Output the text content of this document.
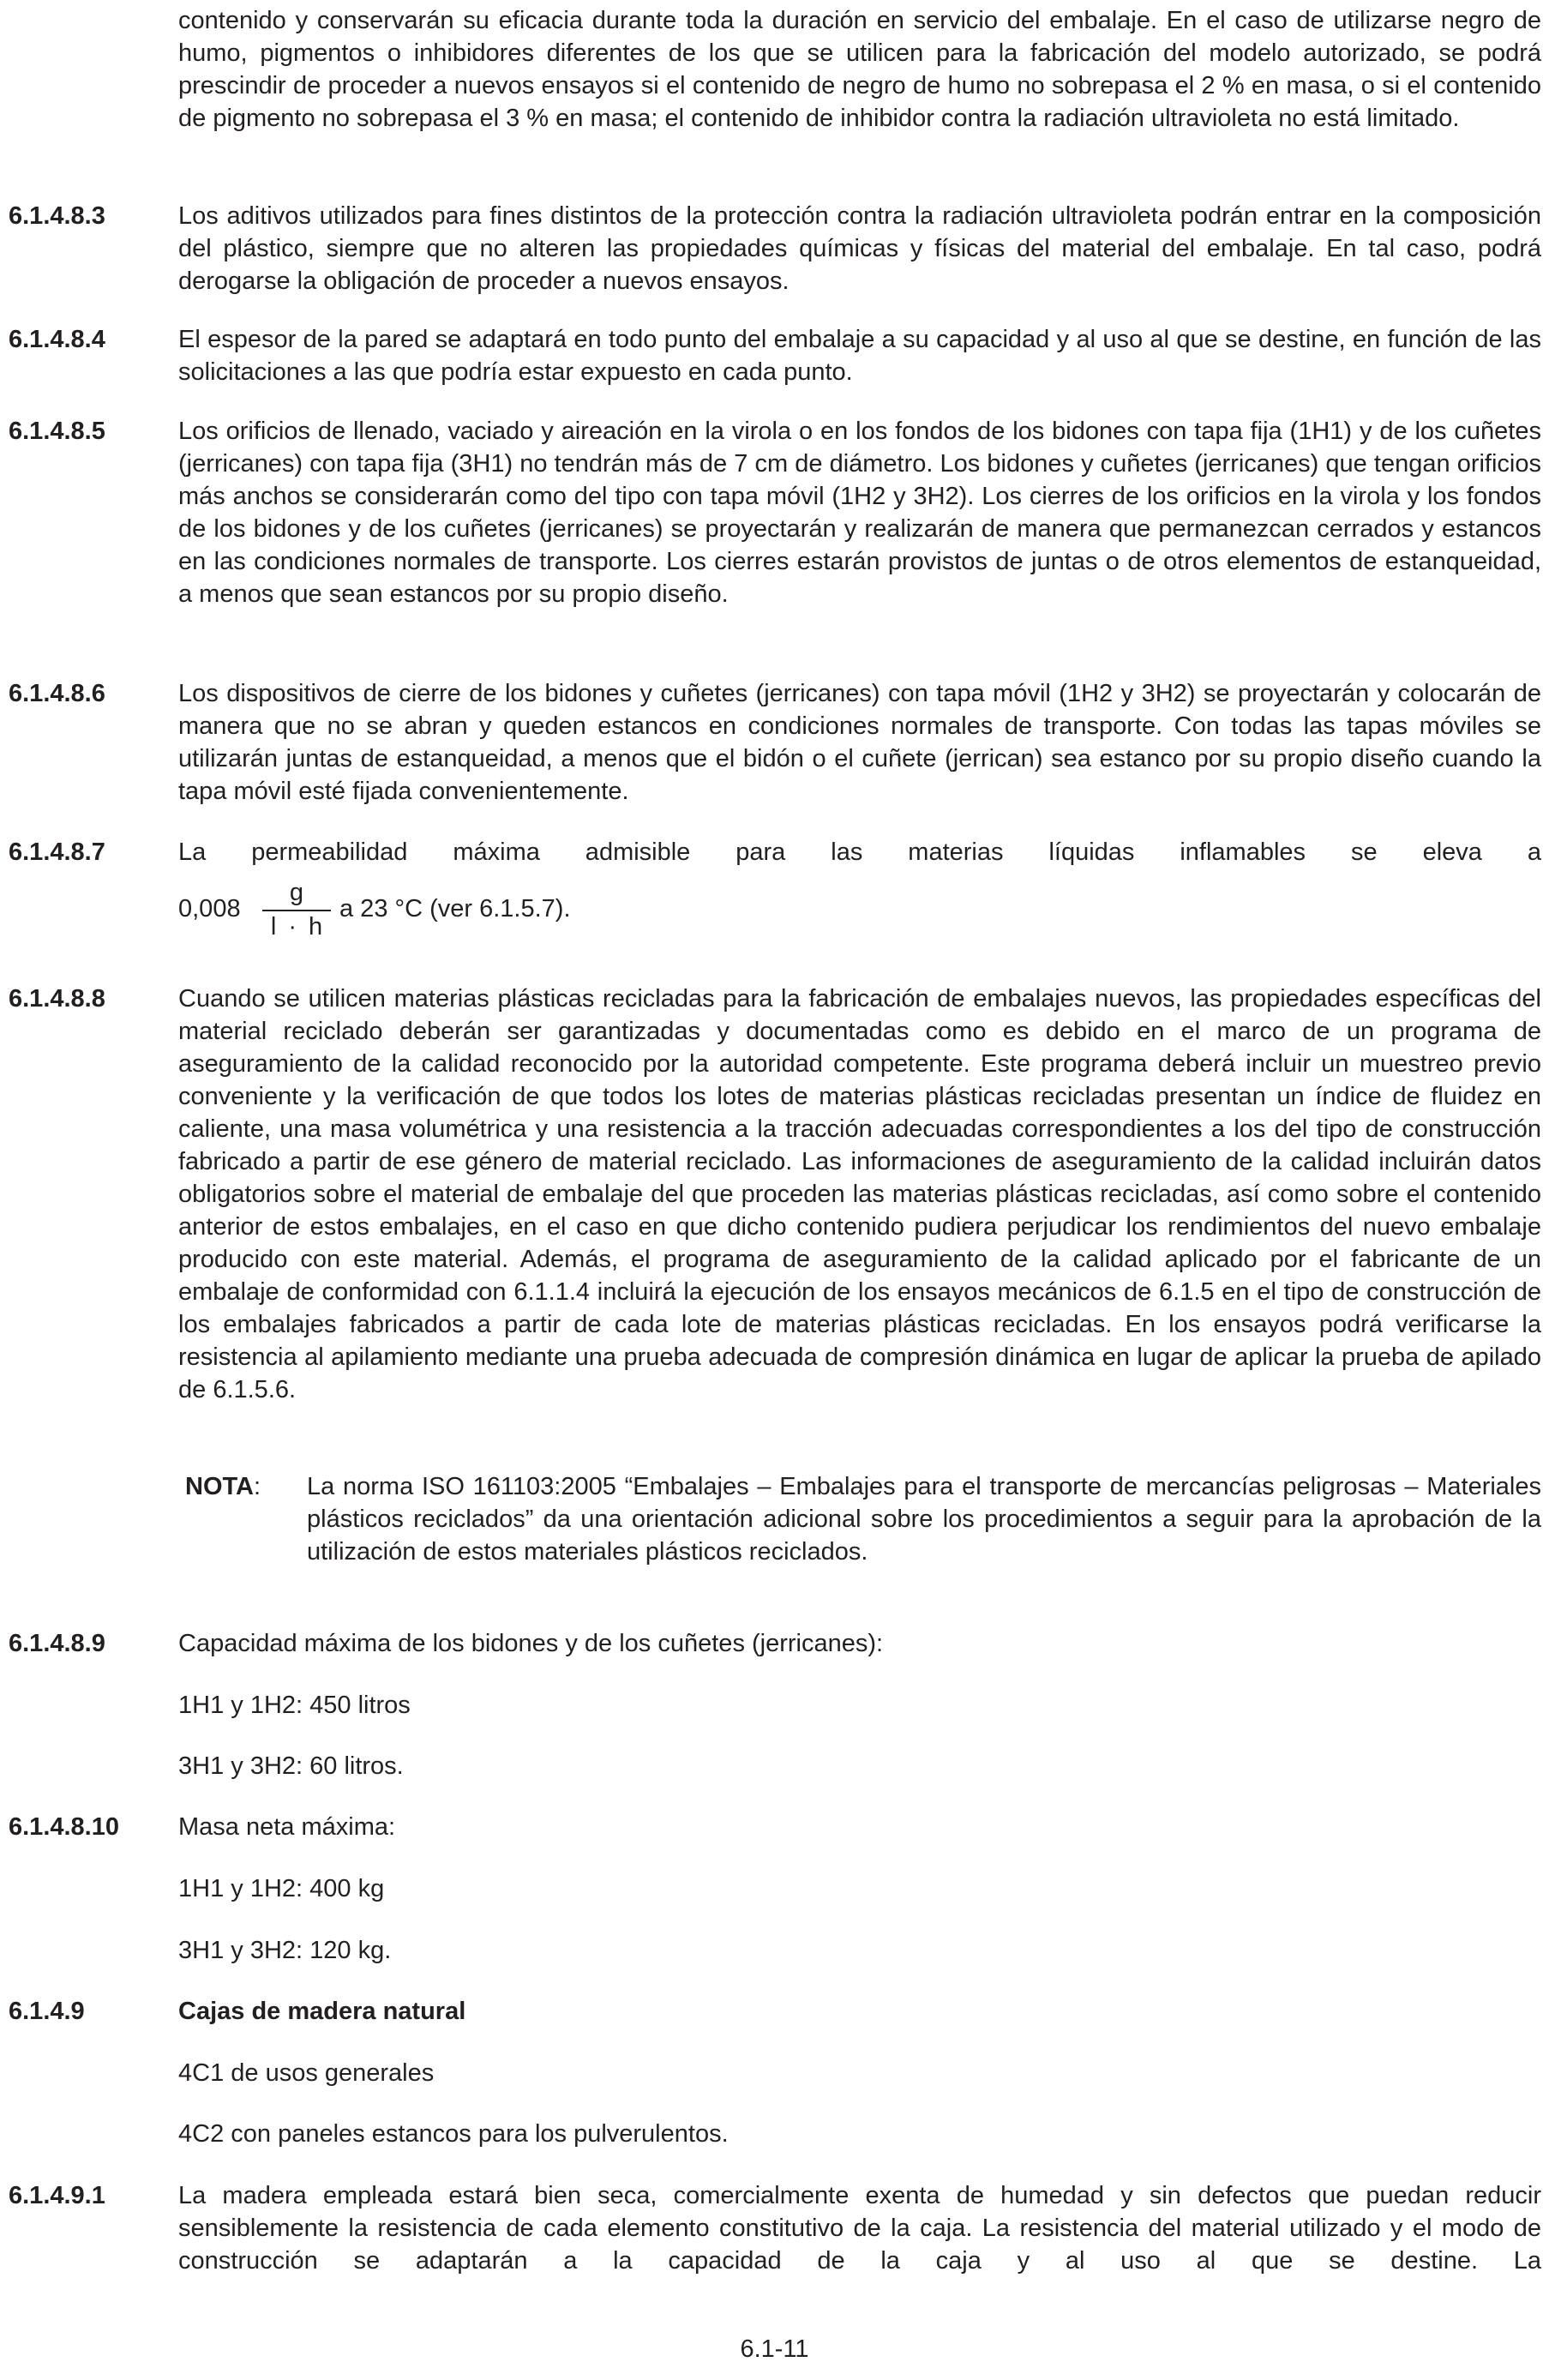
contenido y conservarán su eficacia durante toda la duración en servicio del embalaje. En el caso de utilizarse negro de humo, pigmentos o inhibidores diferentes de los que se utilicen para la fabricación del modelo autorizado, se podrá prescindir de proceder a nuevos ensayos si el contenido de negro de humo no sobrepasa el 2 % en masa, o si el contenido de pigmento no sobrepasa el 3 % en masa; el contenido de inhibidor contra la radiación ultravioleta no está limitado.
6.1.4.8.3	Los aditivos utilizados para fines distintos de la protección contra la radiación ultravioleta podrán entrar en la composición del plástico, siempre que no alteren las propiedades químicas y físicas del material del embalaje. En tal caso, podrá derogarse la obligación de proceder a nuevos ensayos.
6.1.4.8.4	El espesor de la pared se adaptará en todo punto del embalaje a su capacidad y al uso al que se destine, en función de las solicitaciones a las que podría estar expuesto en cada punto.
6.1.4.8.5	Los orificios de llenado, vaciado y aireación en la virola o en los fondos de los bidones con tapa fija (1H1) y de los cuñetes (jerricanes) con tapa fija (3H1) no tendrán más de 7 cm de diámetro. Los bidones y cuñetes (jerricanes) que tengan orificios más anchos se considerarán como del tipo con tapa móvil (1H2 y 3H2). Los cierres de los orificios en la virola y los fondos de los bidones y de los cuñetes (jerricanes) se proyectarán y realizarán de manera que permanezcan cerrados y estancos en las condiciones normales de transporte. Los cierres estarán provistos de juntas o de otros elementos de estanqueidad, a menos que sean estancos por su propio diseño.
6.1.4.8.6	Los dispositivos de cierre de los bidones y cuñetes (jerricanes) con tapa móvil (1H2 y 3H2) se proyectarán y colocarán de manera que no se abran y queden estancos en condiciones normales de transporte. Con todas las tapas móviles se utilizarán juntas de estanqueidad, a menos que el bidón o el cuñete (jerrican) sea estanco por su propio diseño cuando la tapa móvil esté fijada convenientemente.
6.1.4.8.7	La permeabilidad máxima admisible para las materias líquidas inflamables se eleva a
0,008
g
l · h
a 23 °C (ver 6.1.5.7).
6.1.4.8.8	Cuando se utilicen materias plásticas recicladas para la fabricación de embalajes nuevos, las propiedades específicas del material reciclado deberán ser garantizadas y documentadas como es debido en el marco de un programa de aseguramiento de la calidad reconocido por la autoridad competente. Este programa deberá incluir un muestreo previo conveniente y la verificación de que todos los lotes de materias plásticas recicladas presentan un índice de fluidez en caliente, una masa volumétrica y una resistencia a la tracción adecuadas correspondientes a los del tipo de construcción fabricado a partir de ese género de material reciclado. Las informaciones de aseguramiento de la calidad incluirán datos obligatorios sobre el material de embalaje del que proceden las materias plásticas recicladas, así como sobre el contenido anterior de estos embalajes, en el caso en que dicho contenido pudiera perjudicar los rendimientos del nuevo embalaje producido con este material. Además, el programa de aseguramiento de la calidad aplicado por el fabricante de un embalaje de conformidad con 6.1.1.4 incluirá la ejecución de los ensayos mecánicos de 6.1.5 en el tipo de construcción de los embalajes fabricados a partir de cada lote de materias plásticas recicladas. En los ensayos podrá verificarse la resistencia al apilamiento mediante una prueba adecuada de compresión dinámica en lugar de aplicar la prueba de apilado de 6.1.5.6.
NOTA: La norma ISO 161103:2005 “Embalajes – Embalajes para el transporte de mercancías peligrosas – Materiales plásticos reciclados” da una orientación adicional sobre los procedimientos a seguir para la aprobación de la utilización de estos materiales plásticos reciclados.
6.1.4.8.9	Capacidad máxima de los bidones y de los cuñetes (jerricanes):
1H1 y 1H2: 450 litros
3H1 y 3H2: 60 litros.
6.1.4.8.10 Masa neta máxima:
1H1 y 1H2: 400 kg
3H1 y 3H2: 120 kg.
6.1.4.9	Cajas de madera natural
4C1 de usos generales
4C2 con paneles estancos para los pulverulentos.
6.1.4.9.1	La madera empleada estará bien seca, comercialmente exenta de humedad y sin defectos que puedan reducir sensiblemente la resistencia de cada elemento constitutivo de la caja. La resistencia del material utilizado y el modo de construcción se adaptarán a la capacidad de la caja y al uso al que se destine. La
6.1-11
